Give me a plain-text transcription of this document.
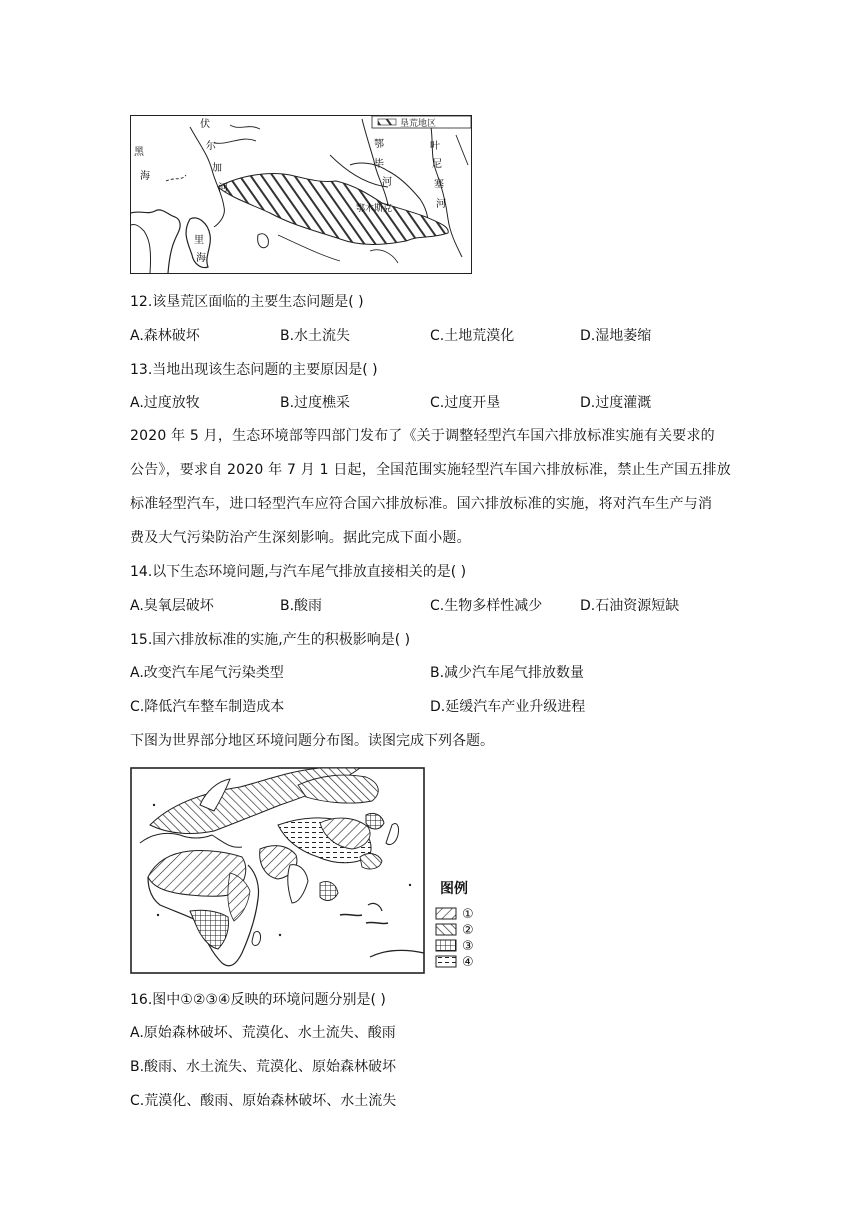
垦荒地区
伏
尔
加
河
黑
海
鄂
毕
河
叶
尼
塞
河
鄂木斯克
里
海
12.该垦荒区面临的主要生态问题是( )
A.森林破坏	B.水土流失	C.土地荒漠化	D.湿地萎缩
13.当地出现该生态问题的主要原因是( )
A.过度放牧	B.过度樵采	C.过度开垦	D.过度灌溉
2020 年 5 月，生态环境部等四部门发布了《关于调整轻型汽车国六排放标准实施有关要求的
公告》，要求自 2020 年 7 月 1 日起，全国范围实施轻型汽车国六排放标准，禁止生产国五排放
标准轻型汽车，进口轻型汽车应符合国六排放标准。国六排放标准的实施，将对汽车生产与消
费及大气污染防治产生深刻影响。据此完成下面小题。
14.以下生态环境问题,与汽车尾气排放直接相关的是( )
A.臭氧层破坏	B.酸雨	C.生物多样性减少	D.石油资源短缺
15.国六排放标准的实施,产生的积极影响是( )
A.改变汽车尾气污染类型	B.减少汽车尾气排放数量
C.降低汽车整车制造成本	D.延缓汽车产业升级进程
下图为世界部分地区环境问题分布图。读图完成下列各题。
图例
①
②
③
④
16.图中①②③④反映的环境问题分别是( )
A.原始森林破坏、荒漠化、水土流失、酸雨
B.酸雨、水土流失、荒漠化、原始森林破坏
C.荒漠化、酸雨、原始森林破坏、水土流失
